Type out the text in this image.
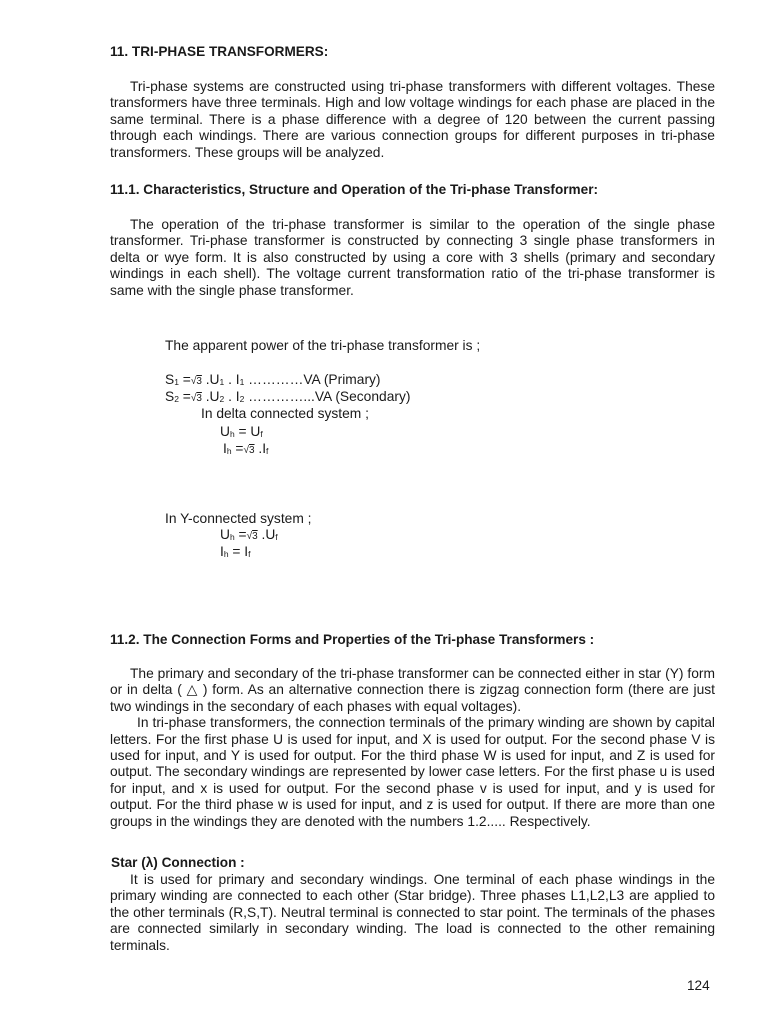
11. TRI-PHASE TRANSFORMERS:

Tri-phase systems are constructed using tri-phase transformers with different voltages. These transformers have three terminals. High and low voltage windings for each phase are placed in the same terminal. There is a phase difference with a degree of 120 between the current passing through each windings. There are various connection groups for different purposes in tri-phase transformers. These groups will be analyzed.

11.1. Characteristics, Structure and Operation of the Tri-phase Transformer:

The operation of the tri-phase transformer is similar to the operation of the single phase transformer. Tri-phase transformer is constructed by connecting 3 single phase transformers in delta or wye form. It is also constructed by using a core with 3 shells (primary and secondary windings in each shell). The voltage current transformation ratio of the tri-phase transformer is same with the single phase transformer.

The apparent power of the tri-phase transformer is ;
$S_1 =√3$ $.U_1$ . $I_1$ …………VA (Primary)
$S_2 =√3$ $.U_2$ . $I_2$ …………...VA (Secondary)
In delta connected system ;
$U_h = U_f$
$I_h =√3$ $.I_f$
In Y-connected system ;
$U_h =√3$ $.U_f$
$I_h = I_f$
11.2. The Connection Forms and Properties of the Tri-phase Transformers :

The primary and secondary of the tri-phase transformer can be connected either in star (Y) form or in delta ( △ ) form. As an alternative connection there is zigzag connection form (there are just two windings in the secondary of each phases with equal voltages).

In tri-phase transformers, the connection terminals of the primary winding are shown by capital letters. For the first phase U is used for input, and X is used for output. For the second phase V is used for input, and Y is used for output. For the third phase W is used for input, and Z is used for output. The secondary windings are represented by lower case letters. For the first phase u is used for input, and x is used for output. For the second phase v is used for input, and y is used for output. For the third phase w is used for input, and z is used for output. If there are more than one groups in the windings they are denoted with the numbers 1.2..... Respectively.

Star (λ) Connection :

It is used for primary and secondary windings. One terminal of each phase windings in the primary winding are connected to each other (Star bridge). Three phases L1,L2,L3 are applied to the other terminals (R,S,T). Neutral terminal is connected to star point. The terminals of the phases are connected similarly in secondary winding. The load is connected to the other remaining terminals.

124
